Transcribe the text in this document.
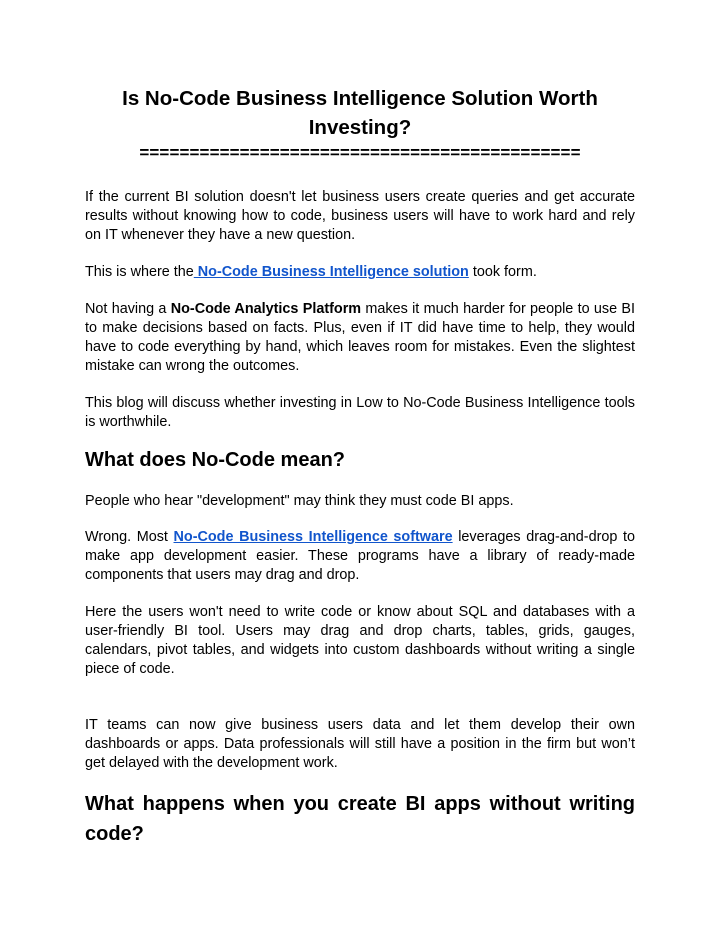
Is No-Code Business Intelligence Solution Worth Investing?
============================================

If the current BI solution doesn't let business users create queries and get accurate results without knowing how to code, business users will have to work hard and rely on IT whenever they have a new question.

This is where the No-Code Business Intelligence solution took form.

Not having a No-Code Analytics Platform makes it much harder for people to use BI to make decisions based on facts. Plus, even if IT did have time to help, they would have to code everything by hand, which leaves room for mistakes. Even the slightest mistake can wrong the outcomes.

This blog will discuss whether investing in Low to No-Code Business Intelligence tools is worthwhile.

What does No-Code mean?

People who hear "development" may think they must code BI apps.

Wrong. Most No-Code Business Intelligence software leverages drag-and-drop to make app development easier. These programs have a library of ready-made components that users may drag and drop.

Here the users won't need to write code or know about SQL and databases with a user-friendly BI tool. Users may drag and drop charts, tables, grids, gauges, calendars, pivot tables, and widgets into custom dashboards without writing a single piece of code.

IT teams can now give business users data and let them develop their own dashboards or apps. Data professionals will still have a position in the firm but won’t get delayed with the development work.

What happens when you create BI apps without writing code?
